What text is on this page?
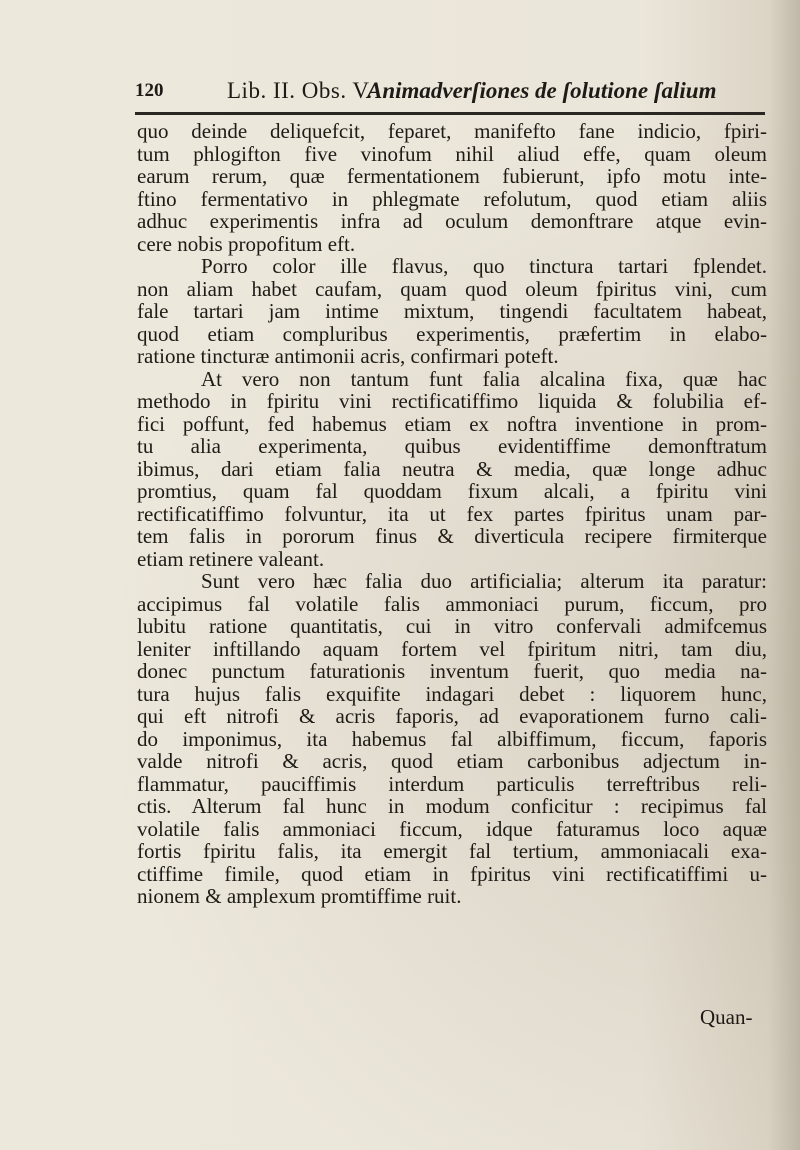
120	Lib. II. Obs. V.
Animadverſiones de ſolutione ſalium
quo deinde deliquefcit, feparet, manifefto fane indicio, fpiri-
tum phlogifton five vinofum nihil aliud effe, quam oleum
earum rerum, quæ fermentationem fubierunt, ipfo motu inte-
ftino fermentativo in phlegmate refolutum, quod etiam aliis
adhuc experimentis infra ad oculum demonftrare atque evin-
cere nobis propofitum eft.
Porro color ille flavus, quo tinctura tartari fplendet.
non aliam habet caufam, quam quod oleum fpiritus vini, cum
fale tartari jam intime mixtum, tingendi facultatem habeat,
quod etiam compluribus experimentis, præfertim in elabo-
ratione tincturæ antimonii acris, confirmari poteft.
At vero non tantum funt falia alcalina fixa, quæ hac
methodo in fpiritu vini rectificatiffimo liquida & folubilia ef-
fici poffunt, fed habemus etiam ex noftra inventione in prom-
tu alia experimenta, quibus evidentiffime demonftratum
ibimus, dari etiam falia neutra & media, quæ longe adhuc
promtius, quam fal quoddam fixum alcali, a fpiritu vini
rectificatiffimo folvuntur, ita ut fex partes fpiritus unam par-
tem falis in pororum finus & diverticula recipere firmiterque
etiam retinere valeant.
Sunt vero hæc falia duo artificialia; alterum ita paratur:
accipimus fal volatile falis ammoniaci purum, ficcum, pro
lubitu ratione quantitatis, cui in vitro confervali admifcemus
leniter inftillando aquam fortem vel fpiritum nitri, tam diu,
donec punctum faturationis inventum fuerit, quo media na-
tura hujus falis exquifite indagari debet : liquorem hunc,
qui eft nitrofi & acris faporis, ad evaporationem furno cali-
do imponimus, ita habemus fal albiffimum, ficcum, faporis
valde nitrofi & acris, quod etiam carbonibus adjectum in-
flammatur, pauciffimis interdum particulis terreftribus reli-
ctis. Alterum fal hunc in modum conficitur : recipimus fal
volatile falis ammoniaci ficcum, idque faturamus loco aquæ
fortis fpiritu falis, ita emergit fal tertium, ammoniacali exa-
ctiffime fimile, quod etiam in fpiritus vini rectificatiffimi u-
nionem & amplexum promtiffime ruit.
Quan-
